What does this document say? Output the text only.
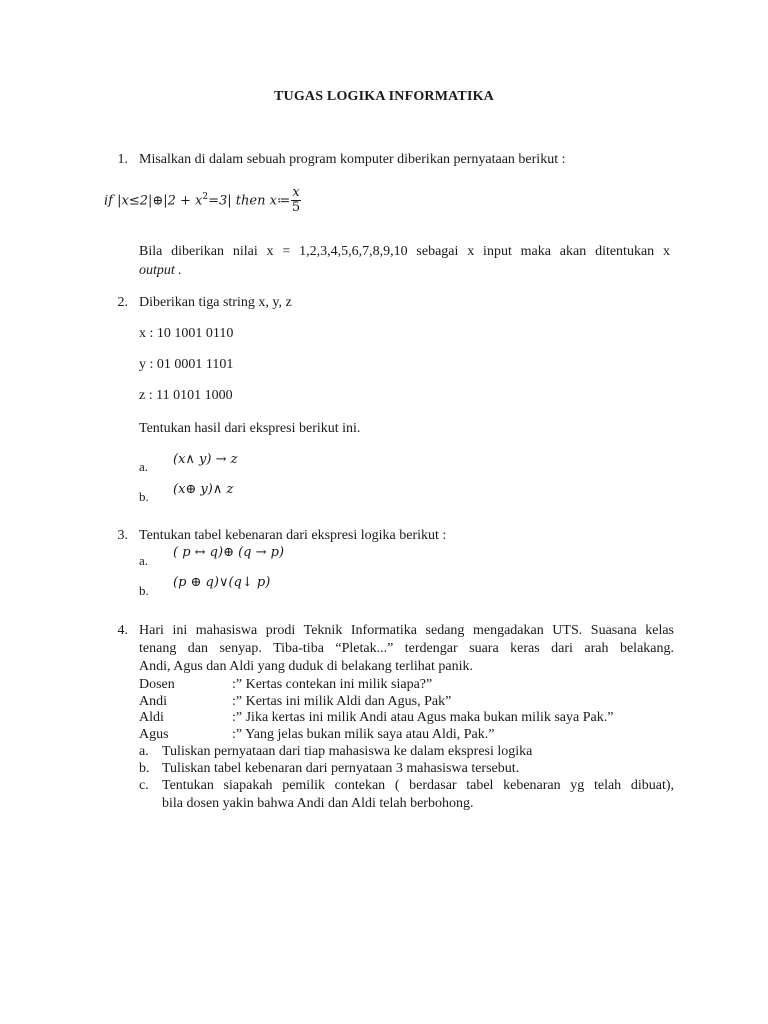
TUGAS LOGIKA INFORMATIKA
1. Misalkan di dalam sebuah program komputer diberikan pernyataan berikut :
if |x≤2|⊕|2 + $x^2=3|$ then x≔ $\frac{x}{5}$
Bila diberikan nilai x = 1,2,3,4,5,6,7,8,9,10 sebagai x input maka akan ditentukan x
output .
2. Diberikan tiga string x, y, z
x : 10 1001 0110
y : 01 0001 1101
z : 11 0101 1000
Tentukan hasil dari ekspresi berikut ini.
a. (x∧ y) → z
b. (x⊕ y)∧ z
3. Tentukan tabel kebenaran dari ekspresi logika berikut :
a.
( p ↔ q)⊕ (q → p)
b.
(p ⊕ q)∨(q↓ p)
4. Hari ini mahasiswa prodi Teknik Informatika sedang mengadakan UTS. Suasana kelas
tenang dan senyap. Tiba-tiba “Pletak...” terdengar suara keras dari arah belakang.
Andi, Agus dan Aldi yang duduk di belakang terlihat panik.
Dosen	:” Kertas contekan ini milik siapa?”
Andi	:” Kertas ini milik Aldi dan Agus, Pak”
Aldi	:” Jika kertas ini milik Andi atau Agus maka bukan milik saya Pak.”
Agus	:” Yang jelas bukan milik saya atau Aldi, Pak.”
a. Tuliskan pernyataan dari tiap mahasiswa ke dalam ekspresi logika
b. Tuliskan tabel kebenaran dari pernyataan 3 mahasiswa tersebut.
c. Tentukan siapakah pemilik contekan ( berdasar tabel kebenaran yg telah dibuat),
bila dosen yakin bahwa Andi dan Aldi telah berbohong.
